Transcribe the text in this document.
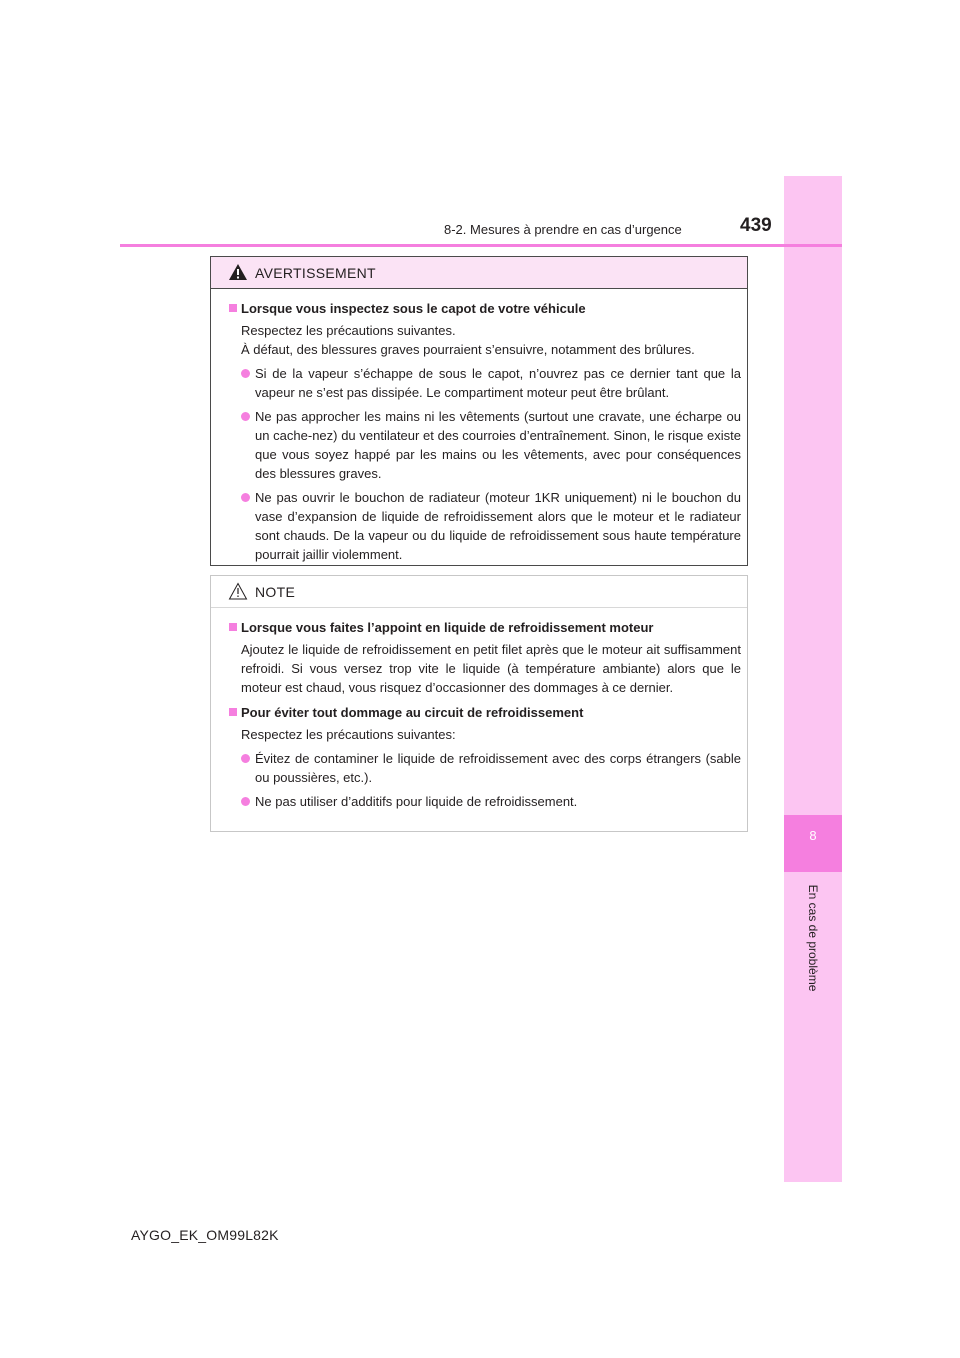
8
En cas de problème
8-2. Mesures à prendre en cas d’urgence	439
AVERTISSEMENT
Lorsque vous inspectez sous le capot de votre véhicule
Respectez les précautions suivantes.
À défaut, des blessures graves pourraient s’ensuivre, notamment des brûlures.
Si de la vapeur s’échappe de sous le capot, n’ouvrez pas ce dernier tant que la vapeur ne s’est pas dissipée. Le compartiment moteur peut être brûlant.
Ne pas approcher les mains ni les vêtements (surtout une cravate, une écharpe ou un cache-nez) du ventilateur et des courroies d’entraînement. Sinon, le risque existe que vous soyez happé par les mains ou les vêtements, avec pour conséquences des blessures graves.
Ne pas ouvrir le bouchon de radiateur (moteur 1KR uniquement) ni le bouchon du vase d’expansion de liquide de refroidissement alors que le moteur et le radiateur sont chauds. De la vapeur ou du liquide de refroidissement sous haute température pourrait jaillir violemment.
NOTE
Lorsque vous faites l’appoint en liquide de refroidissement moteur
Ajoutez le liquide de refroidissement en petit filet après que le moteur ait suffisamment refroidi. Si vous versez trop vite le liquide (à température ambiante) alors que le moteur est chaud, vous risquez d’occasionner des dommages à ce dernier.
Pour éviter tout dommage au circuit de refroidissement
Respectez les précautions suivantes:
Évitez de contaminer le liquide de refroidissement avec des corps étrangers (sable ou poussières, etc.).
Ne pas utiliser d’additifs pour liquide de refroidissement.
AYGO_EK_OM99L82K
